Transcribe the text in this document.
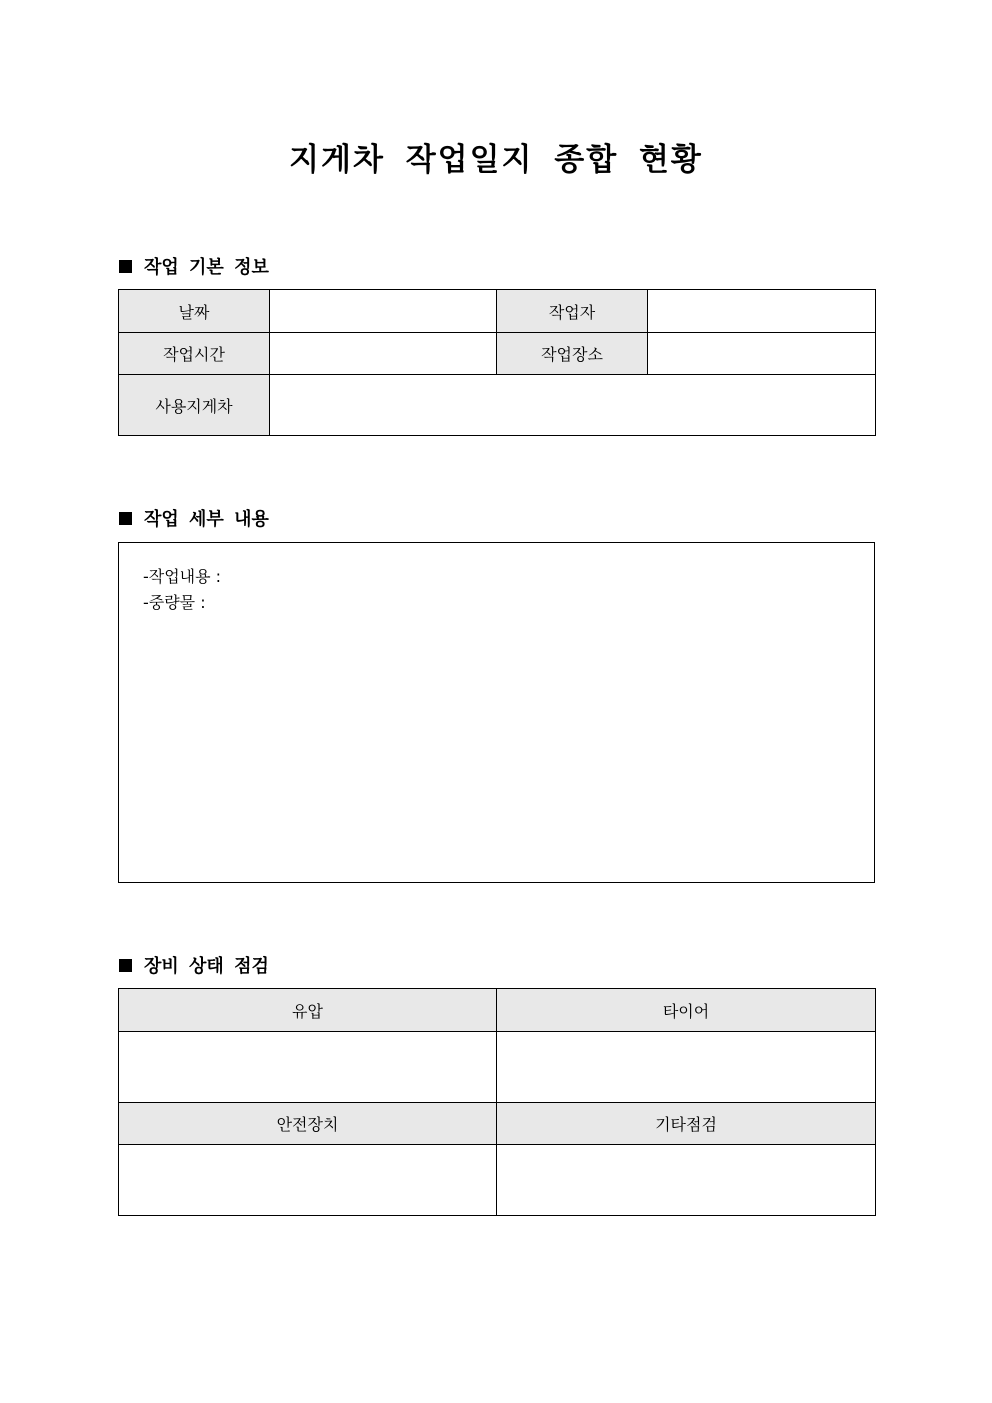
지게차 작업일지 종합 현황
작업 기본 정보
날짜		작업자	
작업시간		작업장소	
사용지게차			
작업 세부 내용
-작업내용 :
-중량물 :
장비 상태 점검
유압	타이어

안전장치	기타점검
